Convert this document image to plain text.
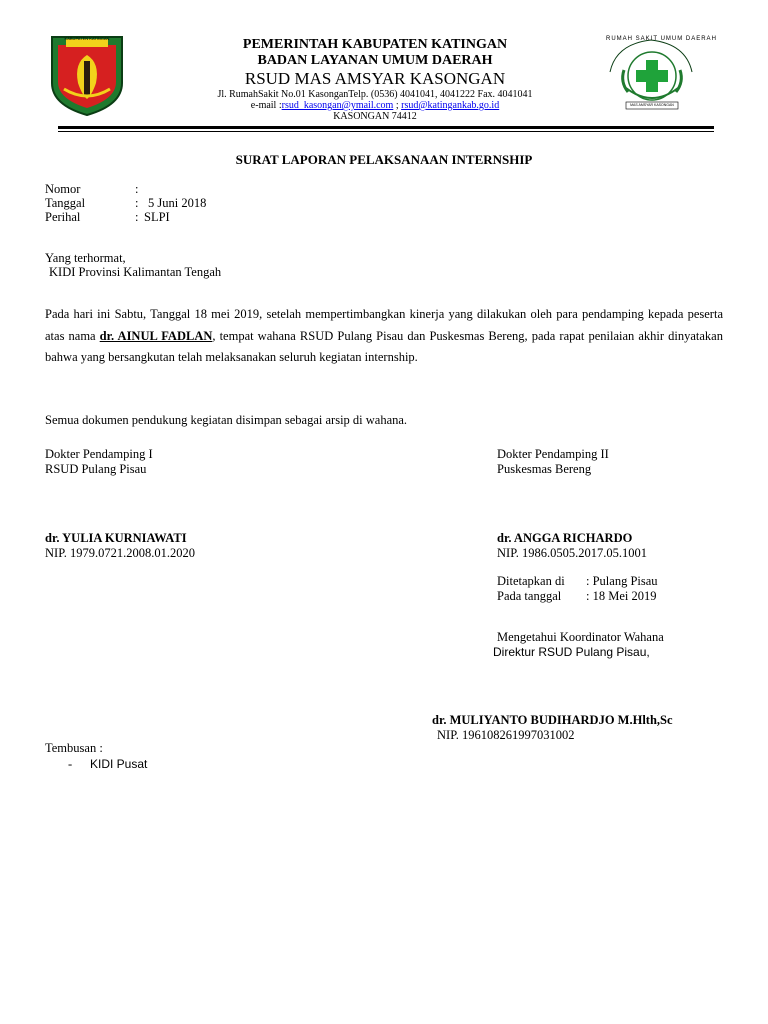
KABUPATEN KATINGAN	RUMAH SAKIT UMUM DAERAH
MAS AMSYAR KASONGAN
PEMERINTAH KABUPATEN KATINGAN
BADAN LAYANAN UMUM DAERAH
RSUD MAS AMSYAR KASONGAN
Jl. RumahSakit No.01 KasonganTelp. (0536) 4041041, 4041222 Fax. 4041041
e-mail :rsud_kasongan@ymail.com ; rsud@katingankab.go.id
KASONGAN 74412
SURAT LAPORAN PELAKSANAAN INTERNSHIP
Nomor	:
Tanggal	: 5 Juni 2018
Perihal	: SLPI
Yang terhormat,
KIDI Provinsi Kalimantan Tengah
Pada hari ini Sabtu, Tanggal 18 mei 2019, setelah mempertimbangkan kinerja yang dilakukan oleh para pendamping kepada peserta atas nama dr. AINUL FADLAN, tempat wahana RSUD Pulang Pisau dan Puskesmas Bereng, pada rapat penilaian akhir dinyatakan bahwa yang bersangkutan telah melaksanakan seluruh kegiatan internship.
Semua dokumen pendukung kegiatan disimpan sebagai arsip di wahana.
Dokter Pendamping I
RSUD Pulang Pisau
dr. YULIA KURNIAWATI
NIP. 1979.0721.2008.01.2020
Dokter Pendamping II
Puskesmas Bereng
dr. ANGGA RICHARDO
NIP. 1986.0505.2017.05.1001
Ditetapkan di : Pulang Pisau
Pada tanggal : 18 Mei 2019
Mengetahui Koordinator Wahana
Direktur RSUD Pulang Pisau,
dr. MULIYANTO BUDIHARDJO M.Hlth,Sc
NIP. 196108261997031002
Tembusan :
- KIDI Pusat
